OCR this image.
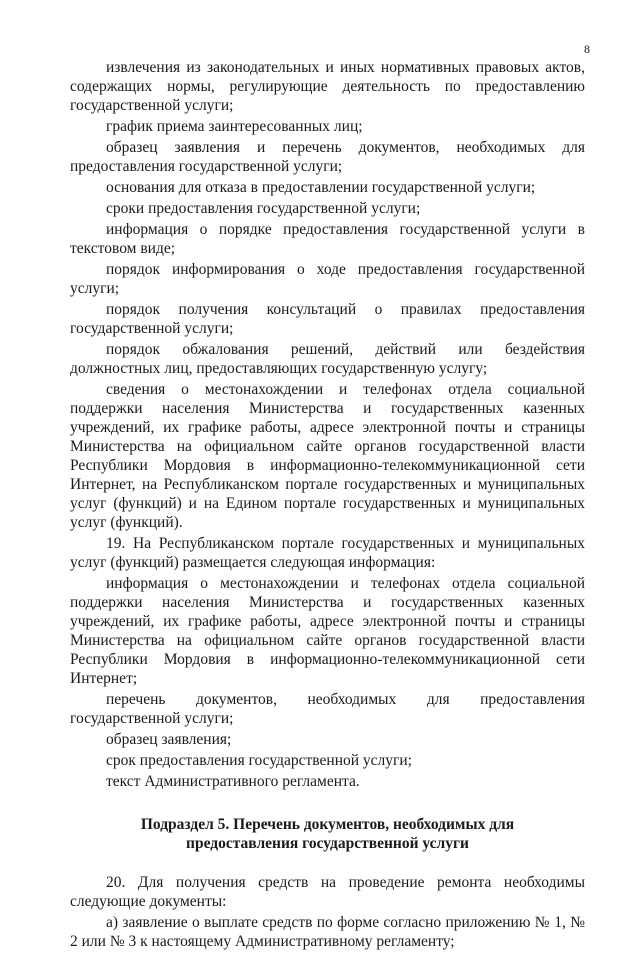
8

извлечения из законодательных и иных нормативных правовых актов, содержащих нормы, регулирующие деятельность по предоставлению государственной услуги;

график приема заинтересованных лиц;

образец заявления и перечень документов, необходимых для предоставления государственной услуги;

основания для отказа в предоставлении государственной услуги;

сроки предоставления государственной услуги;

информация о порядке предоставления государственной услуги в текстовом виде;

порядок информирования о ходе предоставления государственной услуги;

порядок получения консультаций о правилах предоставления государственной услуги;

порядок обжалования решений, действий или бездействия должностных лиц, предоставляющих государственную услугу;

сведения о местонахождении и телефонах отдела социальной поддержки населения Министерства и государственных казенных учреждений, их графике работы, адресе электронной почты и страницы Министерства на официальном сайте органов государственной власти Республики Мордовия в информационно-телекоммуникационной сети Интернет, на Республиканском портале государственных и муниципальных услуг (функций) и на Едином портале государственных и муниципальных услуг (функций).

19. На Республиканском портале государственных и муниципальных услуг (функций) размещается следующая информация:

информация о местонахождении и телефонах отдела социальной поддержки населения Министерства и государственных казенных учреждений, их графике работы, адресе электронной почты и страницы Министерства на официальном сайте органов государственной власти Республики Мордовия в информационно-телекоммуникационной сети Интернет;

перечень документов, необходимых для предоставления государственной услуги;

образец заявления;

срок предоставления государственной услуги;

текст Административного регламента.

Подраздел 5. Перечень документов, необходимых для
предоставления государственной услуги

20. Для получения средств на проведение ремонта необходимы следующие документы:

а) заявление о выплате средств по форме согласно приложению № 1, № 2 или № 3 к настоящему Административному регламенту;
